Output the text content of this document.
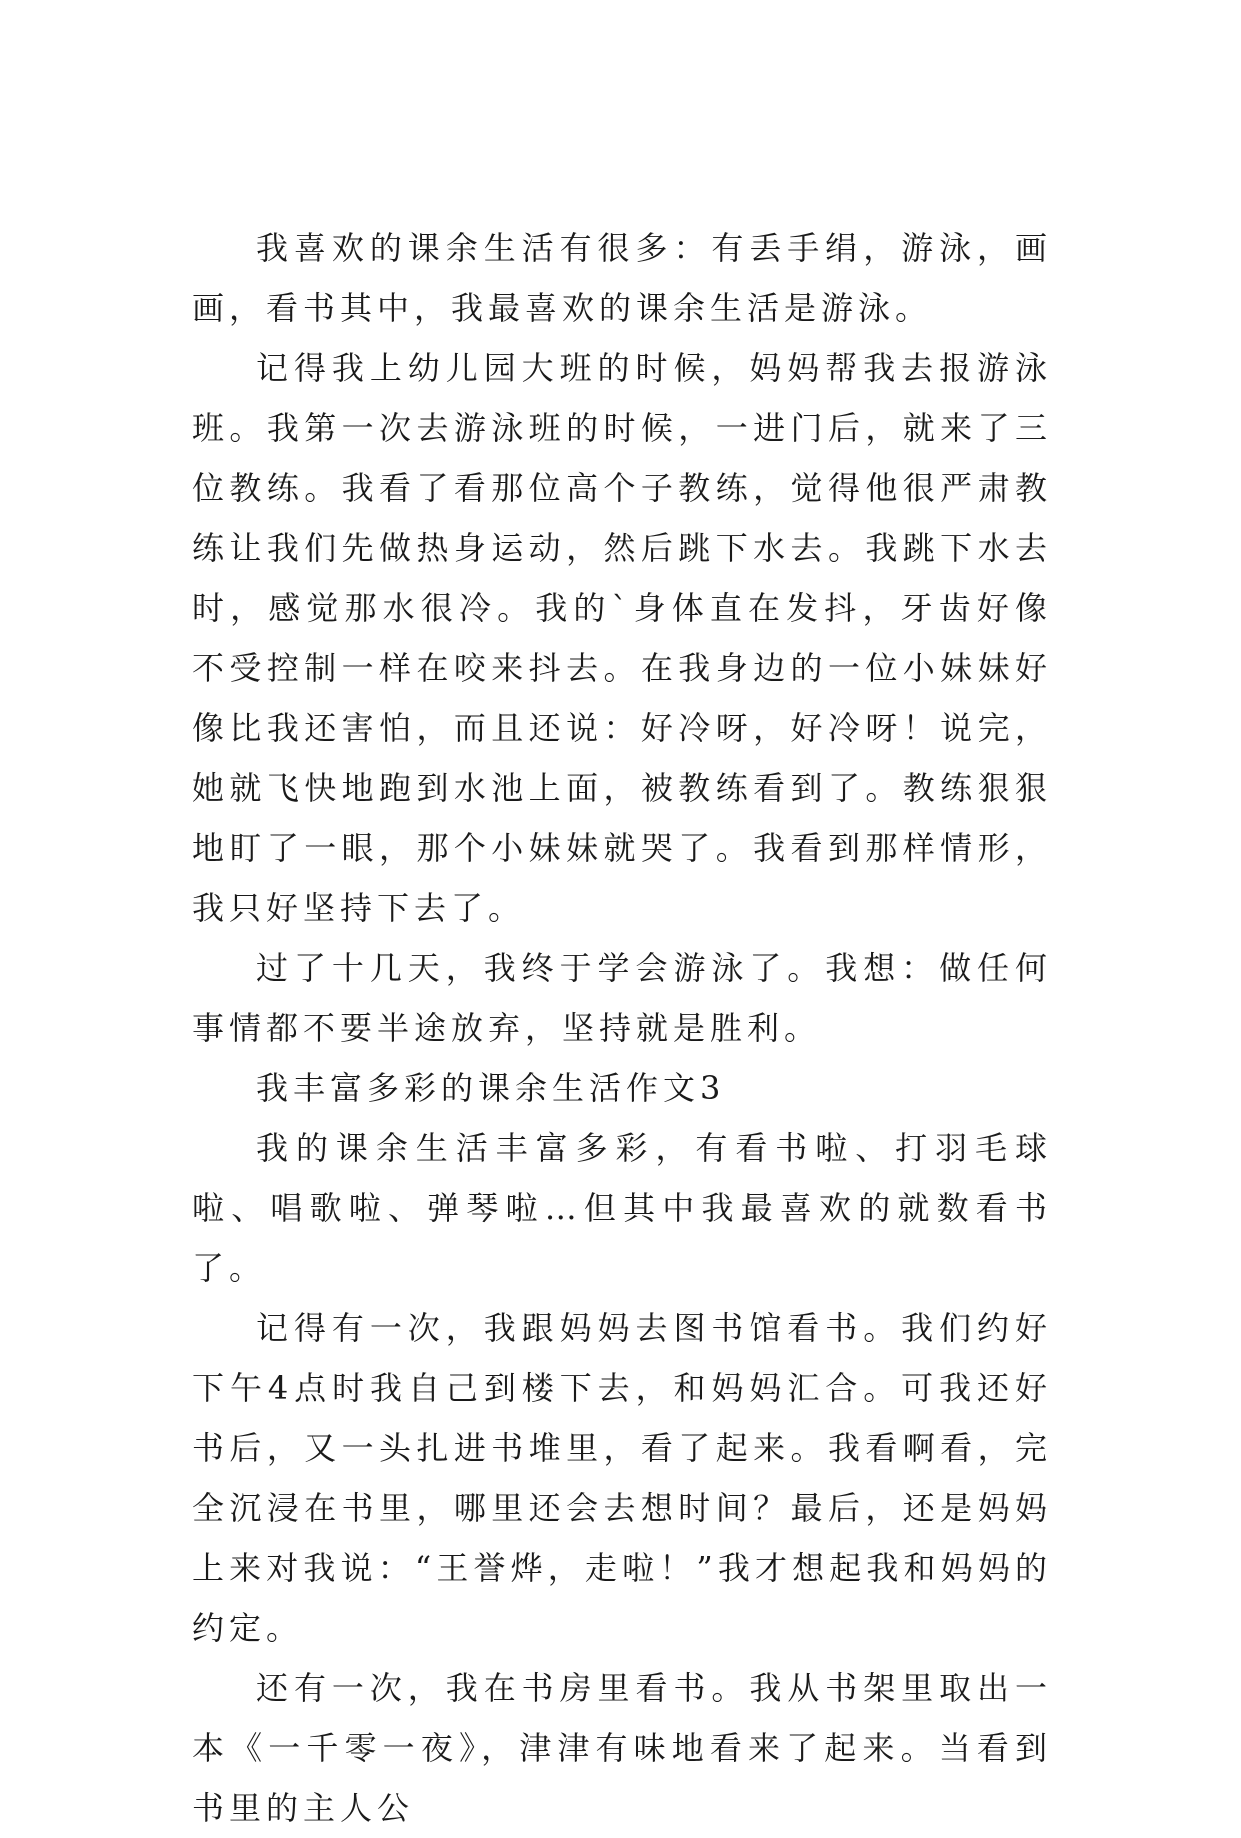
我喜欢的课余生活有很多：有丢手绢，游泳，画画，看书其中，我最喜欢的课余生活是游泳。

记得我上幼儿园大班的时候，妈妈帮我去报游泳班。我第一次去游泳班的时候，一进门后，就来了三位教练。我看了看那位高个子教练，觉得他很严肃教练让我们先做热身运动，然后跳下水去。我跳下水去时，感觉那水很冷。我的`身体直在发抖，牙齿好像不受控制一样在咬来抖去。在我身边的一位小妹妹好像比我还害怕，而且还说：好冷呀，好冷呀！说完，她就飞快地跑到水池上面，被教练看到了。教练狠狠地盯了一眼，那个小妹妹就哭了。我看到那样情形，我只好坚持下去了。

过了十几天，我终于学会游泳了。我想：做任何事情都不要半途放弃，坚持就是胜利。

我丰富多彩的课余生活作文3

我的课余生活丰富多彩，有看书啦、打羽毛球啦、唱歌啦、弹琴啦…但其中我最喜欢的就数看书了。

记得有一次，我跟妈妈去图书馆看书。我们约好下午4点时我自己到楼下去，和妈妈汇合。可我还好书后，又一头扎进书堆里，看了起来。我看啊看，完全沉浸在书里，哪里还会去想时间？最后，还是妈妈上来对我说：“王誉烨，走啦！”我才想起我和妈妈的约定。

还有一次，我在书房里看书。我从书架里取出一本《一千零一夜》，津津有味地看来了起来。当看到书里的主人公
